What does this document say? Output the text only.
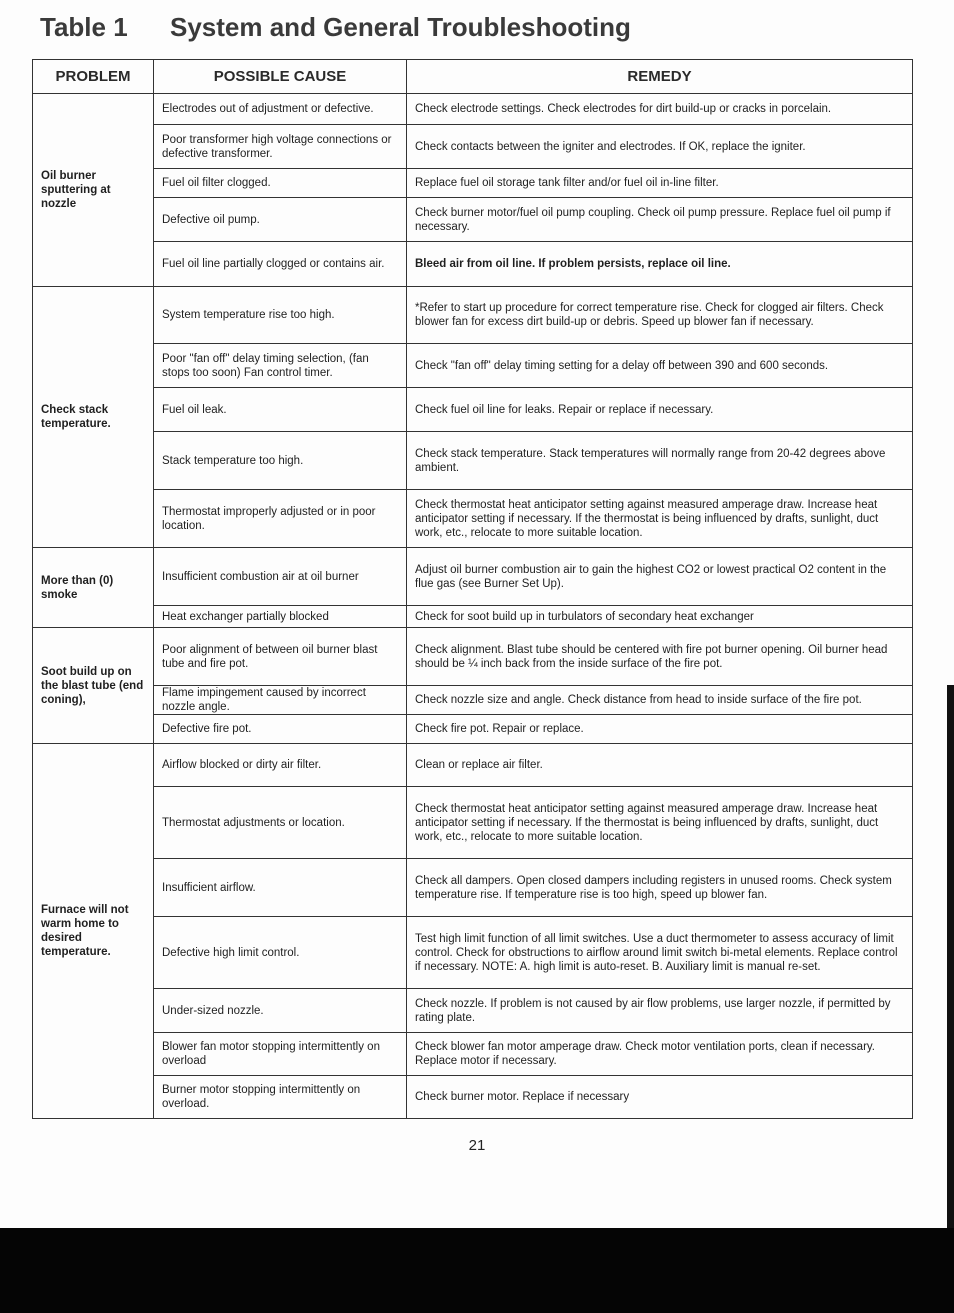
Table 1 System and General Troubleshooting
PROBLEM	POSSIBLE CAUSE	REMEDY
Oil burner sputtering at nozzle	Electrodes out of adjustment or defective.	Check electrode settings. Check electrodes for dirt build-up or cracks in porcelain.
	Poor transformer high voltage connections or defective transformer.	Check contacts between the igniter and electrodes. If OK, replace the igniter.
	Fuel oil filter clogged.	Replace fuel oil storage tank filter and/or fuel oil in-line filter.
	Defective oil pump.	Check burner motor/fuel oil pump coupling. Check oil pump pressure. Replace fuel oil pump if necessary.
	Fuel oil line partially clogged or contains air.	Bleed air from oil line. If problem persists, replace oil line.
Check stack temperature.	System temperature rise too high.	*Refer to start up procedure for correct temperature rise. Check for clogged air filters. Check blower fan for excess dirt build-up or debris. Speed up blower fan if necessary.
	Poor "fan off" delay timing selection, (fan stops too soon) Fan control timer.	Check "fan off" delay timing setting for a delay off between 390 and 600 seconds.
	Fuel oil leak.	Check fuel oil line for leaks. Repair or replace if necessary.
	Stack temperature too high.	Check stack temperature. Stack temperatures will normally range from 20-42 degrees above ambient.
	Thermostat improperly adjusted or in poor location.	Check thermostat heat anticipator setting against measured amperage draw. Increase heat anticipator setting if necessary. If the thermostat is being influenced by drafts, sunlight, duct work, etc., relocate to more suitable location.
More than (0) smoke	Insufficient combustion air at oil burner	Adjust oil burner combustion air to gain the highest CO2 or lowest practical O2 content in the flue gas (see Burner Set Up).
	Heat exchanger partially blocked	Check for soot build up in turbulators of secondary heat exchanger
Soot build up on the blast tube (end coning),	Poor alignment of between oil burner blast tube and fire pot.	Check alignment. Blast tube should be centered with fire pot burner opening. Oil burner head should be ¼ inch back from the inside surface of the fire pot.
	Flame impingement caused by incorrect nozzle angle.	Check nozzle size and angle. Check distance from head to inside surface of the fire pot.
	Defective fire pot.	Check fire pot. Repair or replace.
Furnace will not warm home to desired temperature.	Airflow blocked or dirty air filter.	Clean or replace air filter.
	Thermostat adjustments or location.	Check thermostat heat anticipator setting against measured amperage draw. Increase heat anticipator setting if necessary. If the thermostat is being influenced by drafts, sunlight, duct work, etc., relocate to more suitable location.
	Insufficient airflow.	Check all dampers. Open closed dampers including registers in unused rooms. Check system temperature rise. If temperature rise is too high, speed up blower fan.
	Defective high limit control.	Test high limit function of all limit switches. Use a duct thermometer to assess accuracy of limit control. Check for obstructions to airflow around limit switch bi-metal elements. Replace control if necessary. NOTE: A. high limit is auto-reset. B. Auxiliary limit is manual re-set.
	Under-sized nozzle.	Check nozzle. If problem is not caused by air flow problems, use larger nozzle, if permitted by rating plate.
	Blower fan motor stopping intermittently on overload	Check blower fan motor amperage draw. Check motor ventilation ports, clean if necessary. Replace motor if necessary.
	Burner motor stopping intermittently on overload.	Check burner motor. Replace if necessary
21
